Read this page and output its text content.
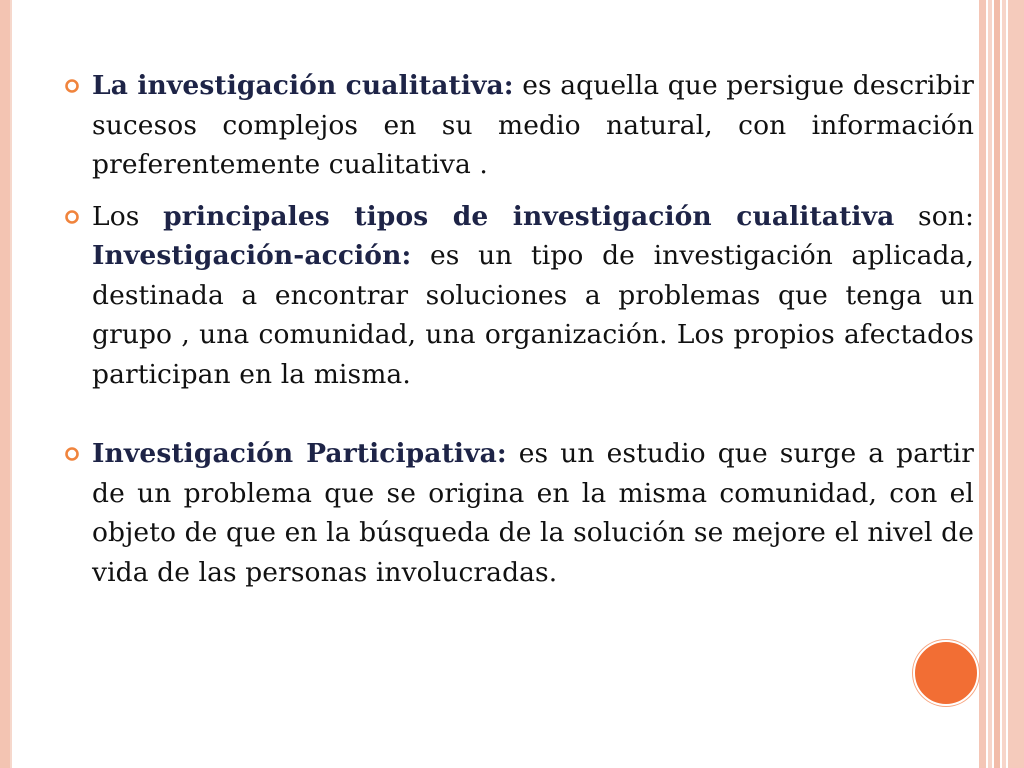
La investigación cualitativa: es aquella que persigue describir sucesos complejos en su medio natural, con información preferentemente cualitativa .

Los principales tipos de investigación cualitativa son: Investigación-acción: es un tipo de investigación aplicada, destinada a encontrar soluciones a problemas que tenga un grupo , una comunidad, una organización. Los propios afectados participan en la misma.

Investigación Participativa: es un estudio que surge a partir de un problema que se origina en la misma comunidad, con el objeto de que en la búsqueda de la solución se mejore el nivel de vida de las personas involucradas.
